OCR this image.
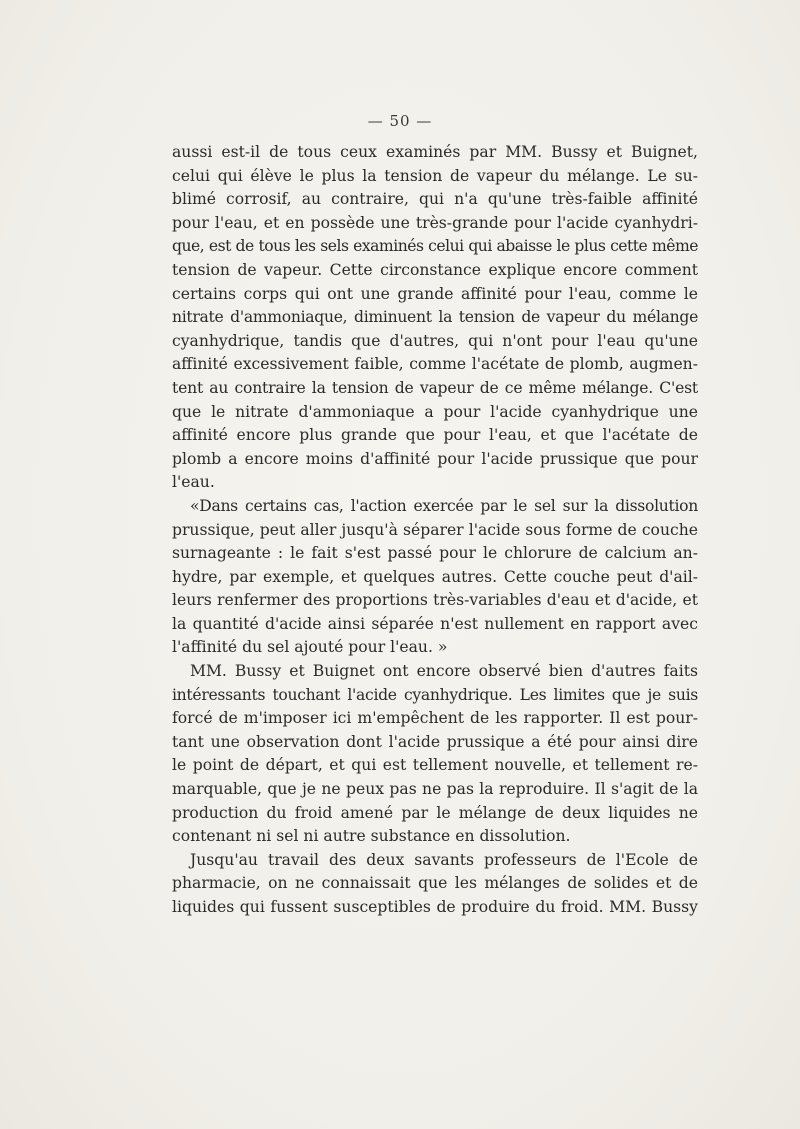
— 50 —
aussi est-il de tous ceux examinés par MM. Bussy et Buignet,
celui qui élève le plus la tension de vapeur du mélange. Le su-
blimé corrosif, au contraire, qui n'a qu'une très-faible affinité
pour l'eau, et en possède une très-grande pour l'acide cyanhydri-
que, est de tous les sels examinés celui qui abaisse le plus cette même
tension de vapeur. Cette circonstance explique encore comment
certains corps qui ont une grande affinité pour l'eau, comme le
nitrate d'ammoniaque, diminuent la tension de vapeur du mélange
cyanhydrique, tandis que d'autres, qui n'ont pour l'eau qu'une
affinité excessivement faible, comme l'acétate de plomb, augmen-
tent au contraire la tension de vapeur de ce même mélange. C'est
que le nitrate d'ammoniaque a pour l'acide cyanhydrique une
affinité encore plus grande que pour l'eau, et que l'acétate de
plomb a encore moins d'affinité pour l'acide prussique que pour
l'eau.
«Dans certains cas, l'action exercée par le sel sur la dissolution
prussique, peut aller jusqu'à séparer l'acide sous forme de couche
surnageante : le fait s'est passé pour le chlorure de calcium an-
hydre, par exemple, et quelques autres. Cette couche peut d'ail-
leurs renfermer des proportions très-variables d'eau et d'acide, et
la quantité d'acide ainsi séparée n'est nullement en rapport avec
l'affinité du sel ajouté pour l'eau. »
MM. Bussy et Buignet ont encore observé bien d'autres faits
intéressants touchant l'acide cyanhydrique. Les limites que je suis
forcé de m'imposer ici m'empêchent de les rapporter. Il est pour-
tant une observation dont l'acide prussique a été pour ainsi dire
le point de départ, et qui est tellement nouvelle, et tellement re-
marquable, que je ne peux pas ne pas la reproduire. Il s'agit de la
production du froid amené par le mélange de deux liquides ne
contenant ni sel ni autre substance en dissolution.
Jusqu'au travail des deux savants professeurs de l'Ecole de
pharmacie, on ne connaissait que les mélanges de solides et de
liquides qui fussent susceptibles de produire du froid. MM. Bussy
